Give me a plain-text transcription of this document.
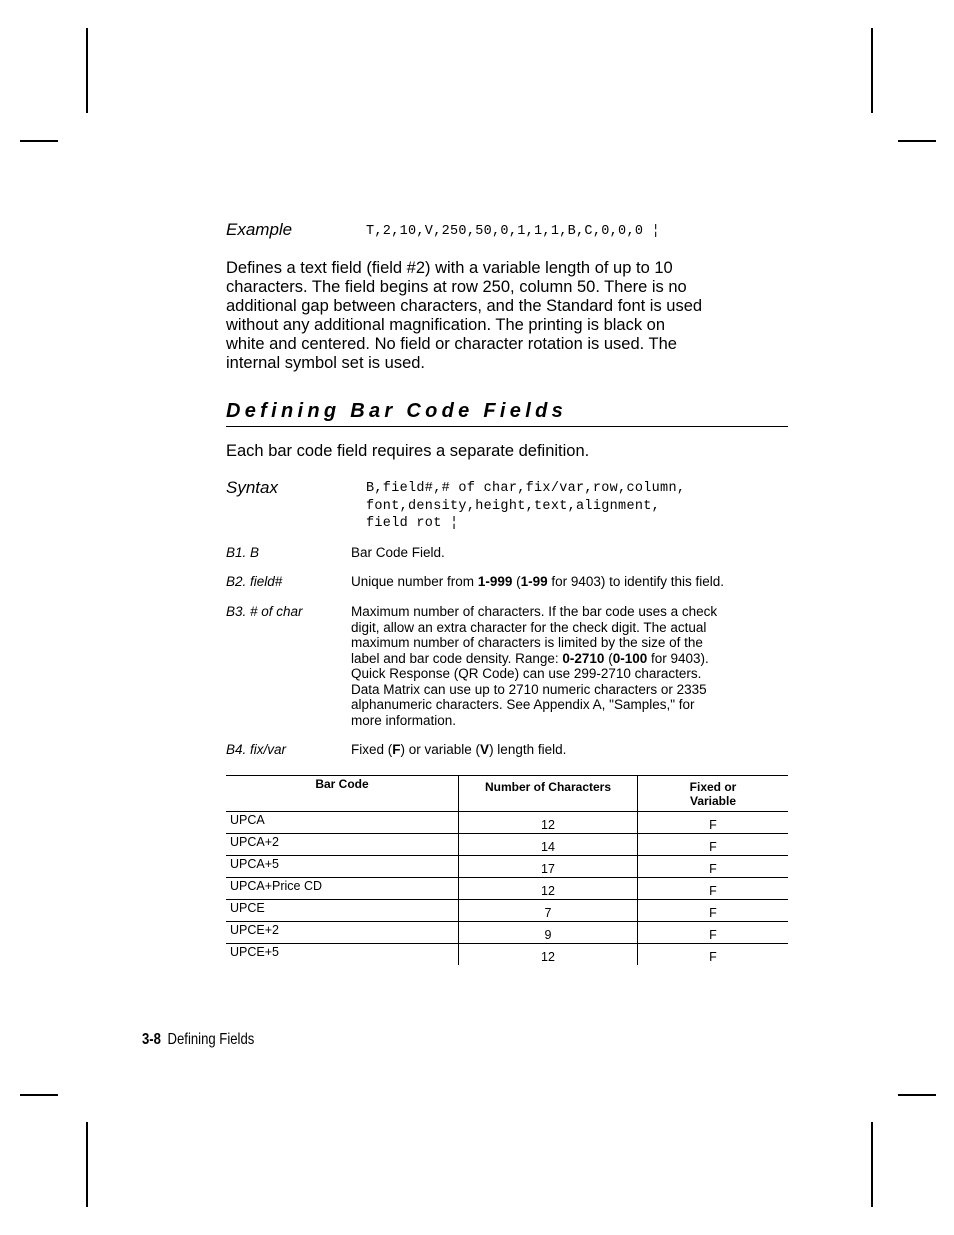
Example	T,2,10,V,250,50,0,1,1,1,B,C,0,0,0 ¦
Defines a text field (field #2) with a variable length of up to 10
characters. The field begins at row 250, column 50. There is no
additional gap between characters, and the Standard font is used
without any additional magnification. The printing is black on
white and centered. No field or character rotation is used. The
internal symbol set is used.
Defining Bar Code Fields
Each bar code field requires a separate definition.
Syntax	B,field#,# of char,fix/var,row,column,
font,density,height,text,alignment,
field rot ¦
B1. B	Bar Code Field.
B2. field#	Unique number from 1-999 (1-99 for 9403) to identify this field.
B3. # of char	Maximum number of characters. If the bar code uses a check
digit, allow an extra character for the check digit. The actual
maximum number of characters is limited by the size of the
label and bar code density. Range: 0-2710 (0-100 for 9403).
Quick Response (QR Code) can use 299-2710 characters.
Data Matrix can use up to 2710 numeric characters or 2335
alphanumeric characters. See Appendix A, "Samples," for
more information.
B4. fix/var	Fixed (F) or variable (V) length field.
Bar Code	Number of Characters	Fixed or
Variable
UPCA	12	F
UPCA+2	14	F
UPCA+5	17	F
UPCA+Price CD	12	F
UPCE	7	F
UPCE+2	9	F
UPCE+5	12	F
3-8 Defining Fields
